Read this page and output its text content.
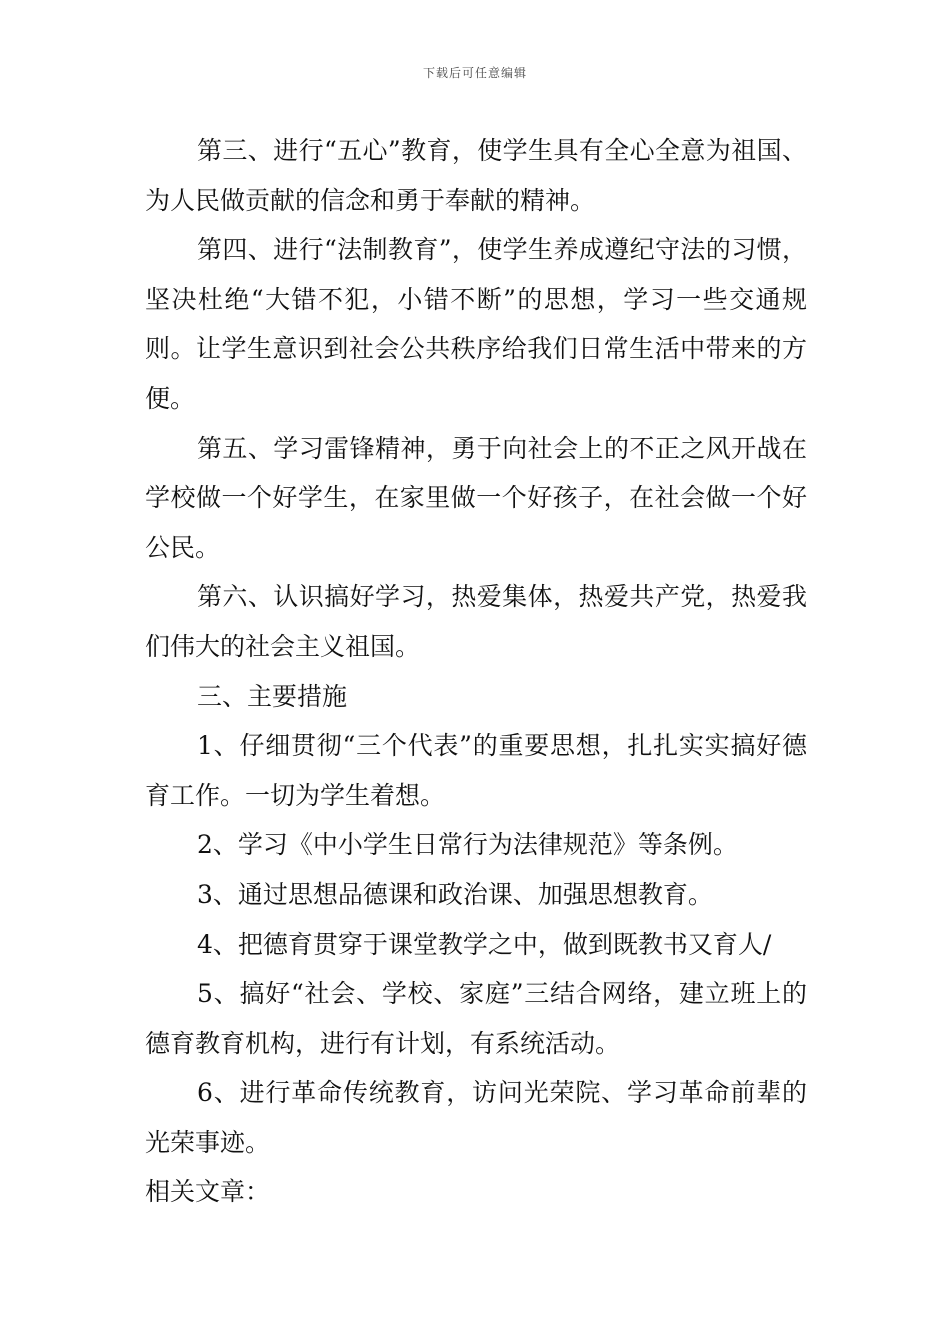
下载后可任意编辑

第三、进行“五心”教育，使学生具有全心全意为祖国、为人民做贡献的信念和勇于奉献的精神。

第四、进行“法制教育”，使学生养成遵纪守法的习惯，坚决杜绝“大错不犯，小错不断”的思想，学习一些交通规则。让学生意识到社会公共秩序给我们日常生活中带来的方便。

第五、学习雷锋精神，勇于向社会上的不正之风开战在学校做一个好学生，在家里做一个好孩子，在社会做一个好公民。

第六、认识搞好学习，热爱集体，热爱共产党，热爱我们伟大的社会主义祖国。

三、主要措施

1、仔细贯彻“三个代表”的重要思想，扎扎实实搞好德育工作。一切为学生着想。

2、学习《中小学生日常行为法律规范》等条例。

3、通过思想品德课和政治课、加强思想教育。

4、把德育贯穿于课堂教学之中，做到既教书又育人/

5、搞好“社会、学校、家庭”三结合网络，建立班上的德育教育机构，进行有计划，有系统活动。

6、进行革命传统教育，访问光荣院、学习革命前辈的光荣事迹。

相关文章：
